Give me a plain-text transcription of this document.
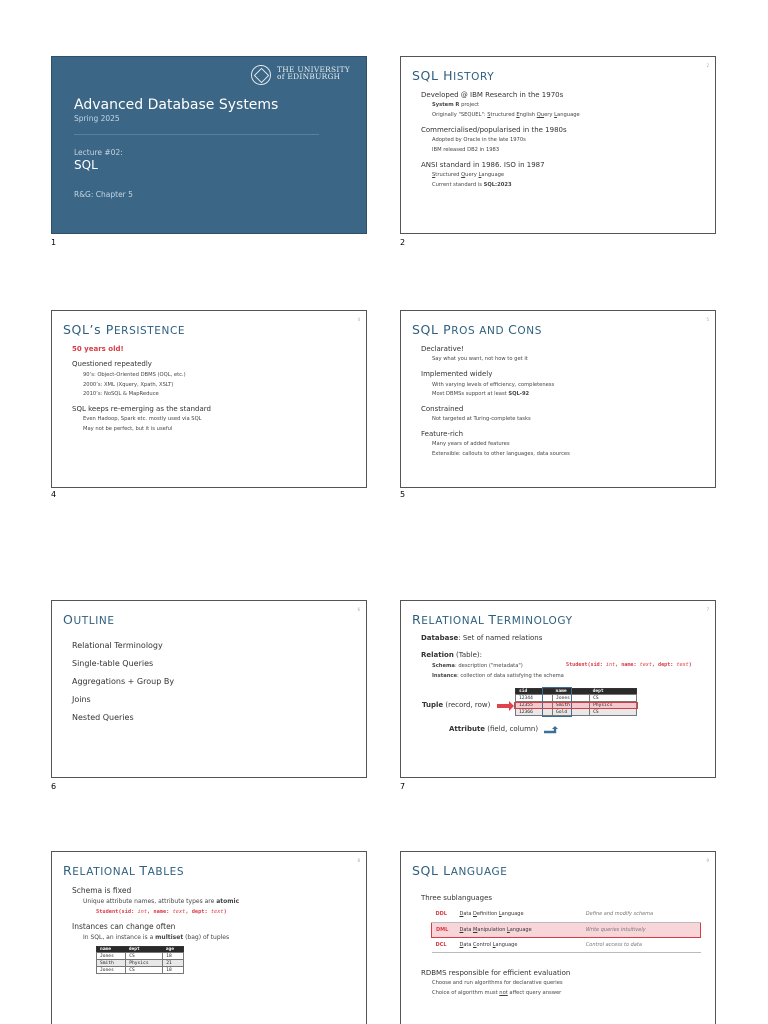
THE UNIVERSITY
of EDINBURGH
Advanced Database Systems
Spring 2025
Lecture #02:
SQL
R&G: Chapter 5
1
2
SQL HISTORY
Developed @ IBM Research in the 1970s
System R project
Originally "SEQUEL": Structured English Query Language
Commercialised/popularised in the 1980s
Adopted by Oracle in the late 1970s
IBM released DB2 in 1983
ANSI standard in 1986. ISO in 1987
Structured Query Language
Current standard is SQL:2023
2
4
SQL’s PERSISTENCE
50 years old!
Questioned repeatedly
90’s: Object-Oriented DBMS (OQL, etc.)
2000’s: XML (Xquery, Xpath, XSLT)
2010’s: NoSQL & MapReduce
SQL keeps re-emerging as the standard
Even Hadoop, Spark etc. mostly used via SQL
May not be perfect, but it is useful
4
5
SQL PROS AND CONS
Declarative!
Say what you want, not how to get it
Implemented widely
With varying levels of efficiency, completeness
Most DBMSs support at least SQL-92
Constrained
Not targeted at Turing-complete tasks
Feature-rich
Many years of added features
Extensible: callouts to other languages, data sources
5
6
OUTLINE
Relational Terminology
Single-table Queries
Aggregations + Group By
Joins
Nested Queries
6
7
RELATIONAL TERMINOLOGY
Database: Set of named relations
Relation (Table):
Schema: description ("metadata")
Instance: collection of data satisfying the schema
Student(sid: int, name: text, dept: text)
sid	name	dept
12344	Jones	CS
12355	Smith	Physics
12366	Gold	CS
Tuple (record, row)
Attribute (field, column)
7
8
RELATIONAL TABLES
Schema is fixed
Unique attribute names, attribute types are atomic
Student(sid: int, name: text, dept: text)
Instances can change often
In SQL, an instance is a multiset (bag) of tuples
name	dept	age
Jones	CS	18
Smith	Physics	21
Jones	CS	18
9
SQL LANGUAGE
Three sublanguages
DDL	Data Definition Language	Define and modify schema
DML	Data Manipulation Language	Write queries intuitively
DCL	Data Control Language	Control access to data
RDBMS responsible for efficient evaluation
Choose and run algorithms for declarative queries
Choice of algorithm must not affect query answer
